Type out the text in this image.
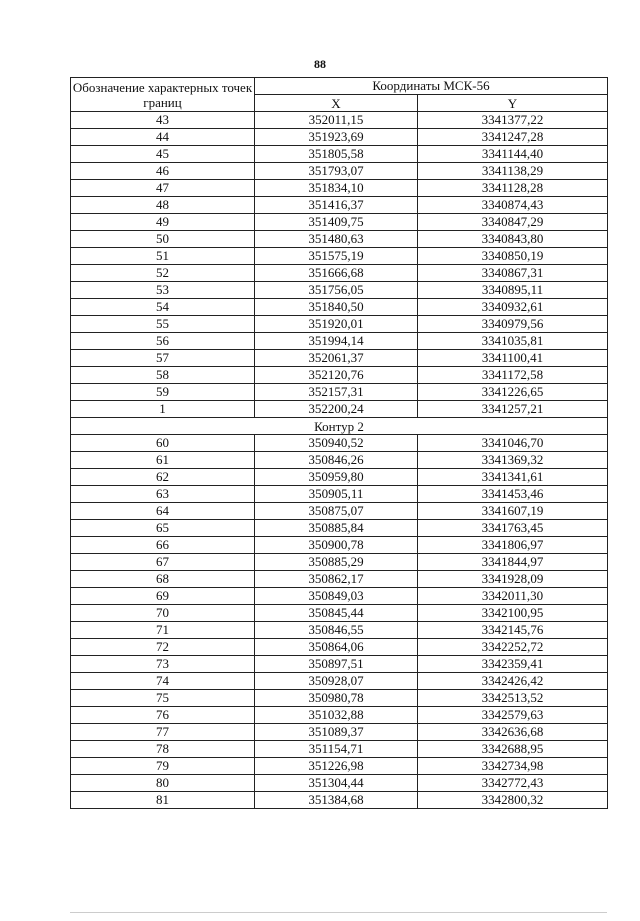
88
Обозначение характерных точек границ	Координаты МСК-56	
	X	Y
43	352011,15	3341377,22
44	351923,69	3341247,28
45	351805,58	3341144,40
46	351793,07	3341138,29
47	351834,10	3341128,28
48	351416,37	3340874,43
49	351409,75	3340847,29
50	351480,63	3340843,80
51	351575,19	3340850,19
52	351666,68	3340867,31
53	351756,05	3340895,11
54	351840,50	3340932,61
55	351920,01	3340979,56
56	351994,14	3341035,81
57	352061,37	3341100,41
58	352120,76	3341172,58
59	352157,31	3341226,65
1	352200,24	3341257,21
Контур 2		
60	350940,52	3341046,70
61	350846,26	3341369,32
62	350959,80	3341341,61
63	350905,11	3341453,46
64	350875,07	3341607,19
65	350885,84	3341763,45
66	350900,78	3341806,97
67	350885,29	3341844,97
68	350862,17	3341928,09
69	350849,03	3342011,30
70	350845,44	3342100,95
71	350846,55	3342145,76
72	350864,06	3342252,72
73	350897,51	3342359,41
74	350928,07	3342426,42
75	350980,78	3342513,52
76	351032,88	3342579,63
77	351089,37	3342636,68
78	351154,71	3342688,95
79	351226,98	3342734,98
80	351304,44	3342772,43
81	351384,68	3342800,32
